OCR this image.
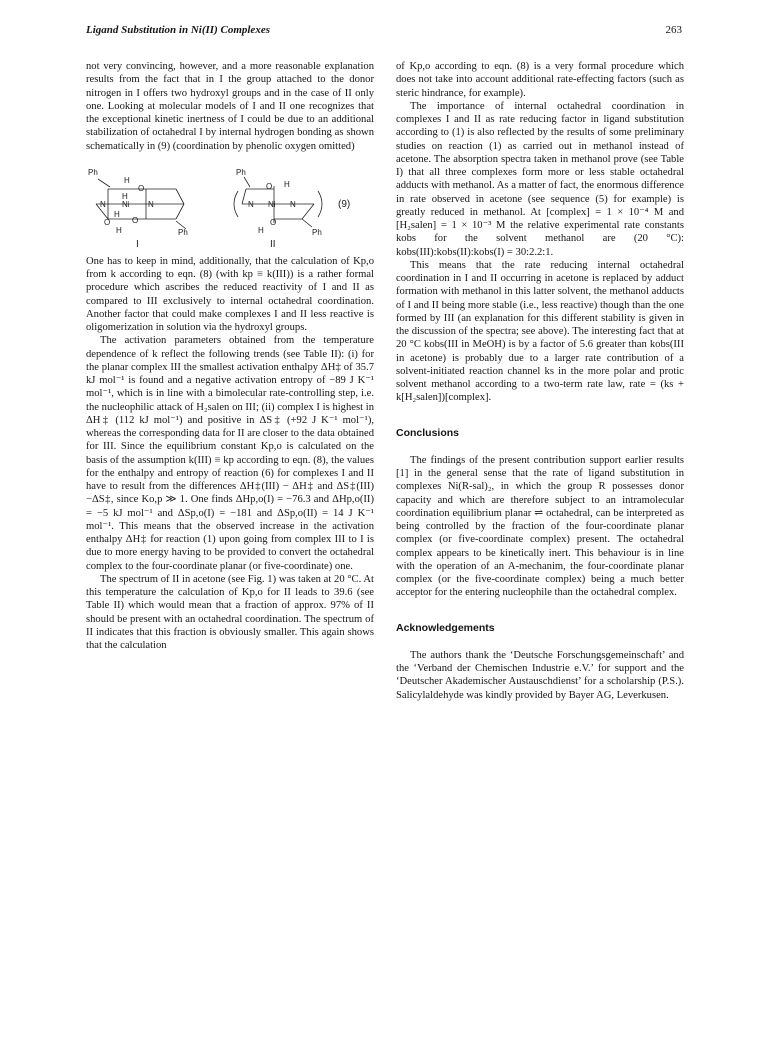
Ligand Substitution in Ni(II) Complexes	263

not very convincing, however, and a more reasonable explanation results from the fact that in I the group attached to the donor nitrogen in I offers two hydroxyl groups and in the case of II only one. Looking at molecular models of I and II one recognizes that the exceptional kinetic inertness of I could be due to an additional stabilization of octahedral I by internal hydrogen bonding as shown schematically in (9) (coordination by phenolic oxygen omitted)

Ph
H
O
H
N Ni N
H
O	O
H	Ph
Ph
O H
N Ni N
O
H	Ph
(9)
I	II

One has to keep in mind, additionally, that the calculation of Kp,o from k according to eqn. (8) (with kp ≡ k(III)) is a rather formal procedure which ascribes the reduced reactivity of I and II as compared to III exclusively to internal octahedral coordination. Another factor that could make complexes I and II less reactive is oligomerization in solution via the hydroxyl groups.

The activation parameters obtained from the temperature dependence of k reflect the following trends (see Table II): (i) for the planar complex III the smallest activation enthalpy ΔH‡ of 35.7 kJ mol⁻¹ is found and a negative activation entropy of −89 J K⁻¹ mol⁻¹, which is in line with a bimolecular rate-controlling step, i.e. the nucleophilic attack of H₂salen on III; (ii) complex I is highest in ΔH‡ (112 kJ mol⁻¹) and positive in ΔS‡ (+92 J K⁻¹ mol⁻¹), whereas the corresponding data for II are closer to the data obtained for III. Since the equilibrium constant Kp,o is calculated on the basis of the assumption k(III) ≡ kp according to eqn. (8), the values for the enthalpy and entropy of reaction (6) for complexes I and II have to result from the differences ΔH‡(III) − ΔH‡ and ΔS‡(III)−ΔS‡, since Ko,p ≫ 1. One finds ΔHp,o(I) = −76.3 and ΔHp,o(II) = −5 kJ mol⁻¹ and ΔSp,o(I) = −181 and ΔSp,o(II) = 14 J K⁻¹ mol⁻¹. This means that the observed increase in the activation enthalpy ΔH‡ for reaction (1) upon going from complex III to I is due to more energy having to be provided to convert the octahedral complex to the four-coordinate planar (or five-coordinate) one.

The spectrum of II in acetone (see Fig. 1) was taken at 20 °C. At this temperature the calculation of Kp,o for II leads to 39.6 (see Table II) which would mean that a fraction of approx. 97% of II should be present with an octahedral coordination. The spectrum of II indicates that this fraction is obviously smaller. This again shows that the calculation

of Kp,o according to eqn. (8) is a very formal procedure which does not take into account additional rate-effecting factors (such as steric hindrance, for example).

The importance of internal octahedral coordination in complexes I and II as rate reducing factor in ligand substitution according to (1) is also reflected by the results of some preliminary studies on reaction (1) as carried out in methanol instead of acetone. The absorption spectra taken in methanol prove (see Table I) that all three complexes form more or less stable octahedral adducts with methanol. As a matter of fact, the enormous difference in rate observed in acetone (see sequence (5) for example) is greatly reduced in methanol. At [complex] = 1 × 10⁻⁴ M and [H₂salen] = 1 × 10⁻³ M the relative experimental rate constants kobs for the solvent methanol are (20 °C): kobs(III):kobs(II):kobs(I) = 30:2.2:1.

This means that the rate reducing internal octahedral coordination in I and II occurring in acetone is replaced by adduct formation with methanol in this latter solvent, the methanol adducts of I and II being more stable (i.e., less reactive) though than the one formed by III (an explanation for this different stability is given in the discussion of the spectra; see above). The interesting fact that at 20 °C kobs(III in MeOH) is by a factor of 5.6 greater than kobs(III in acetone) is probably due to a larger rate contribution of a solvent-initiated reaction channel ks in the more polar and protic solvent methanol according to a two-term rate law, rate = (ks + k[H₂salen])[complex].

Conclusions

The findings of the present contribution support earlier results [1] in the general sense that the rate of ligand substitution in complexes Ni(R-sal)₂, in which the group R possesses donor capacity and which are therefore subject to an intramolecular coordination equilibrium planar ⇌ octahedral, can be interpreted as being controlled by the fraction of the four-coordinate planar complex (or five-coordinate complex) present. The octahedral complex appears to be kinetically inert. This behaviour is in line with the operation of an A-mechanim, the four-coordinate planar complex (or the five-coordinate complex) being a much better acceptor for the entering nucleophile than the octahedral complex.

Acknowledgements

The authors thank the ‘Deutsche Forschungsgemeinschaft’ and the ‘Verband der Chemischen Industrie e.V.’ for support and the ‘Deutscher Akademischer Austauschdienst’ for a scholarship (P.S.). Salicylaldehyde was kindly provided by Bayer AG, Leverkusen.
